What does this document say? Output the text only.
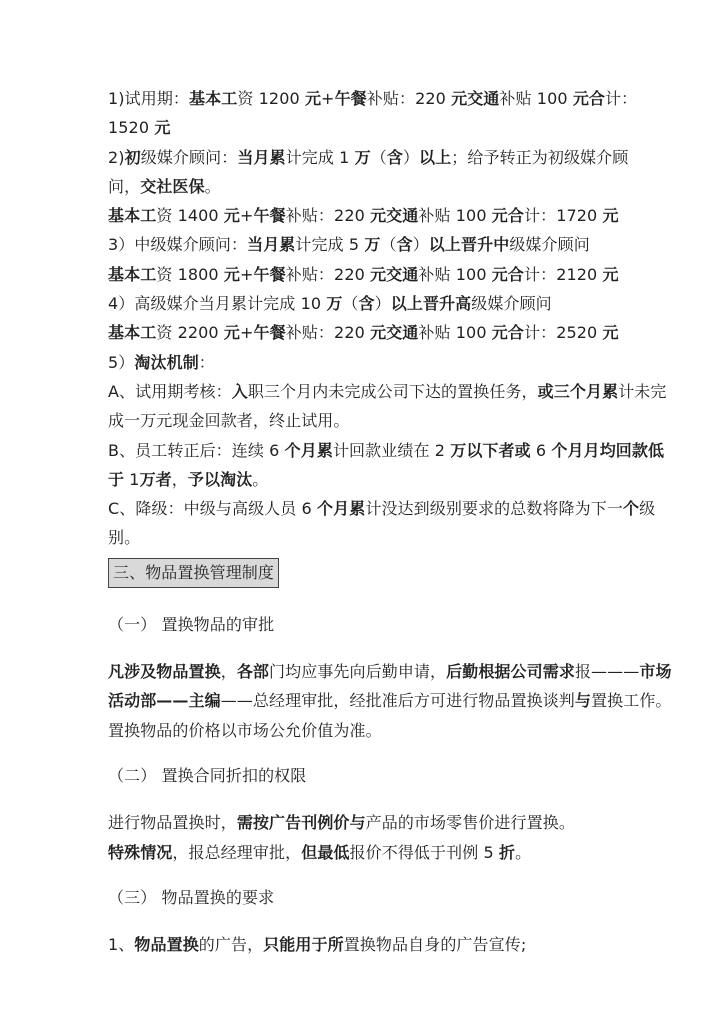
1)试用期：基本工资 1200 元+午餐补贴：220 元交通补贴 100 元合计：

1520 元

2)初级媒介顾问：当月累计完成 1 万（含）以上；给予转正为初级媒介顾

问，交社医保。

基本工资 1400 元+午餐补贴：220 元交通补贴 100 元合计：1720 元

3）中级媒介顾问：当月累计完成 5 万（含）以上晋升中级媒介顾问

基本工资 1800 元+午餐补贴：220 元交通补贴 100 元合计：2120 元

4）高级媒介当月累计完成 10 万（含）以上晋升高级媒介顾问

基本工资 2200 元+午餐补贴：220 元交通补贴 100 元合计：2520 元

5）淘汰机制：

A、试用期考核：入职三个月内未完成公司下达的置换任务，或三个月累计未完成一万元现金回款者，终止试用。

B、员工转正后：连续 6 个月累计回款业绩在 2 万以下者或 6 个月月均回款低于 1万者，予以淘汰。

C、降级：中级与高级人员 6 个月累计没达到级别要求的总数将降为下一个级别。

三、物品置换管理制度

（一） 置换物品的审批

凡涉及物品置换，各部门均应事先向后勤申请，后勤根据公司需求报———市场活动部——主编——总经理审批，经批准后方可进行物品置换谈判与置换工作。置换物品的价格以市场公允价值为准。

（二） 置换合同折扣的权限

进行物品置换时，需按广告刊例价与产品的市场零售价进行置换。

特殊情况，报总经理审批，但最低报价不得低于刊例 5 折。

（三） 物品置换的要求

1、物品置换的广告，只能用于所置换物品自身的广告宣传;
